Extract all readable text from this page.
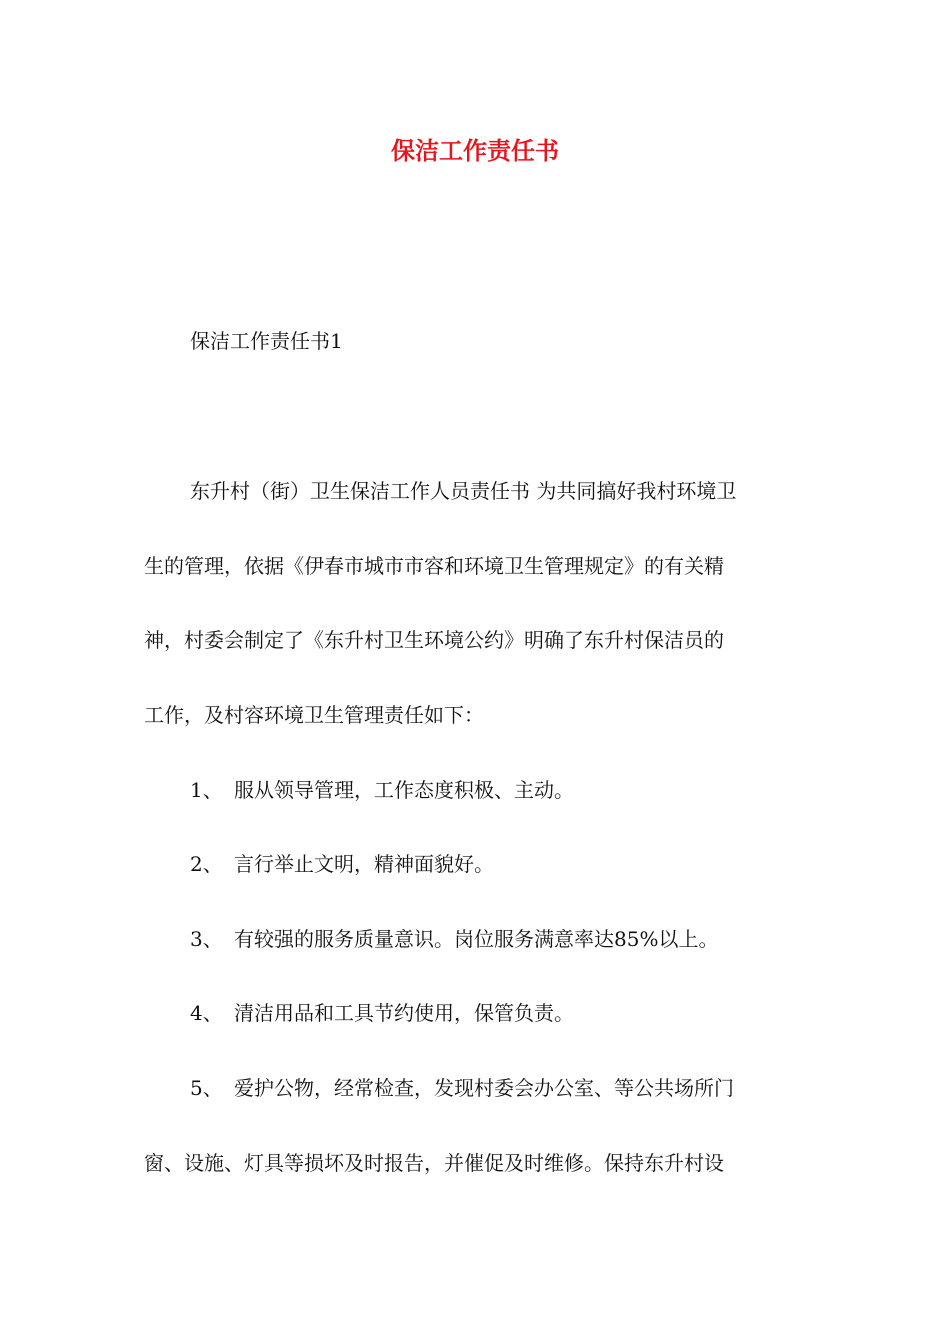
保洁工作责任书

保洁工作责任书1

东升村（街）卫生保洁工作人员责任书 为共同搞好我村环境卫

生的管理，依据《伊春市城市市容和环境卫生管理规定》的有关精

神，村委会制定了《东升村卫生环境公约》明确了东升村保洁员的

工作，及村容环境卫生管理责任如下：

1、 服从领导管理，工作态度积极、主动。

2、 言行举止文明，精神面貌好。

3、 有较强的服务质量意识。岗位服务满意率达85%以上。

4、 清洁用品和工具节约使用，保管负责。

5、 爱护公物，经常检查，发现村委会办公室、等公共场所门

窗、设施、灯具等损坏及时报告，并催促及时维修。保持东升村设
